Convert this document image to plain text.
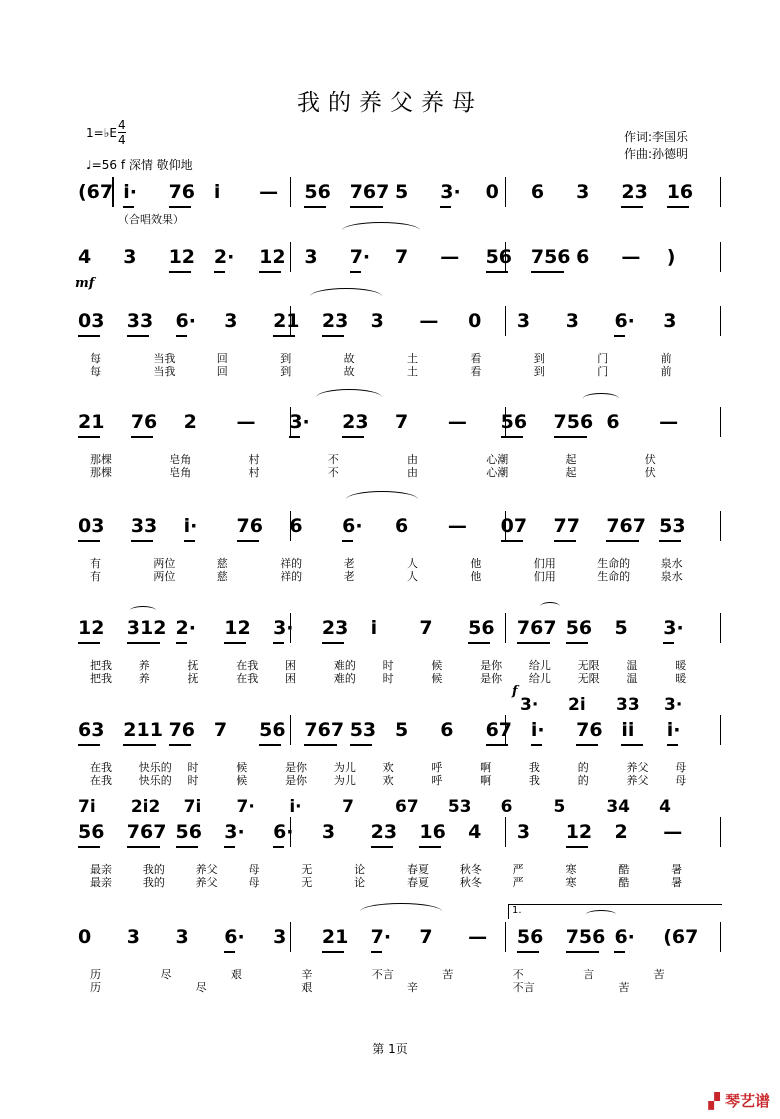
我的养父养母
1=♭E
4
4
♩=56 f 深情 敬仰地
作词:李国乐
作曲:孙德明
（合唱效果）
(67 i· 76 i — 56 767 5 3· 0 6 3 23 16
4 3 12 2· 12 3 7· 7 — 56 756 6 — )
03 33 6· 3 21 23 3 — 0 3 3 6· 3
每	当我	回	到	故	土	看	到	门	前
每	当我	回	到	故	土	看	到	门	前
21 76 2 — 3· 23 7 — 56 756 6 —
那棵	皂角	村	不	由	心潮	起	伏
那棵	皂角	村	不	由	心潮	起	伏
03 33 i· 76 6 6· 6 — 07 77 767 53
有	两位	慈	祥的	老	人	他	们用	生命的	泉水
有	两位	慈	祥的	老	人	他	们用	生命的	泉水
12 312 2· 12 3· 23 i 7 56 767 56 5 3·
把我 养	抚	在我 困	难的 时	候	是你 给儿 无限 温	暖
把我 养	抚	在我 困	难的 时	候	是你 给儿 无限 温	暖
63 211 76 7 56 767 53 5 6 67 i· 76 ii i·
3· 2i 33 3·
在我 快乐的 时	候	是你 为儿 欢	呼	啊	我	的	养父 母
在我 快乐的 时	候	是你 为儿 欢	呼	啊	我	的	养父 母
56 767 56 3· 6· 3 23 16 4 3 12 2 —
7i 2i2 7i 7· i· 7 67 53 6 5 34 4
最亲	我的	养父	母	无	论	春夏	秋冬	严	寒	酷	暑
最亲	我的	养父	母	无	论	春夏	秋冬	严	寒	酷	暑
0 3 3 6· 3 21 7· 7 — 56 756 6· (67
1.
历	尽	艰	辛	不言	苦	不	言	苦
历	尽	艰	辛	不言	苦
mf
f
第 1页
▞ 琴艺谱
